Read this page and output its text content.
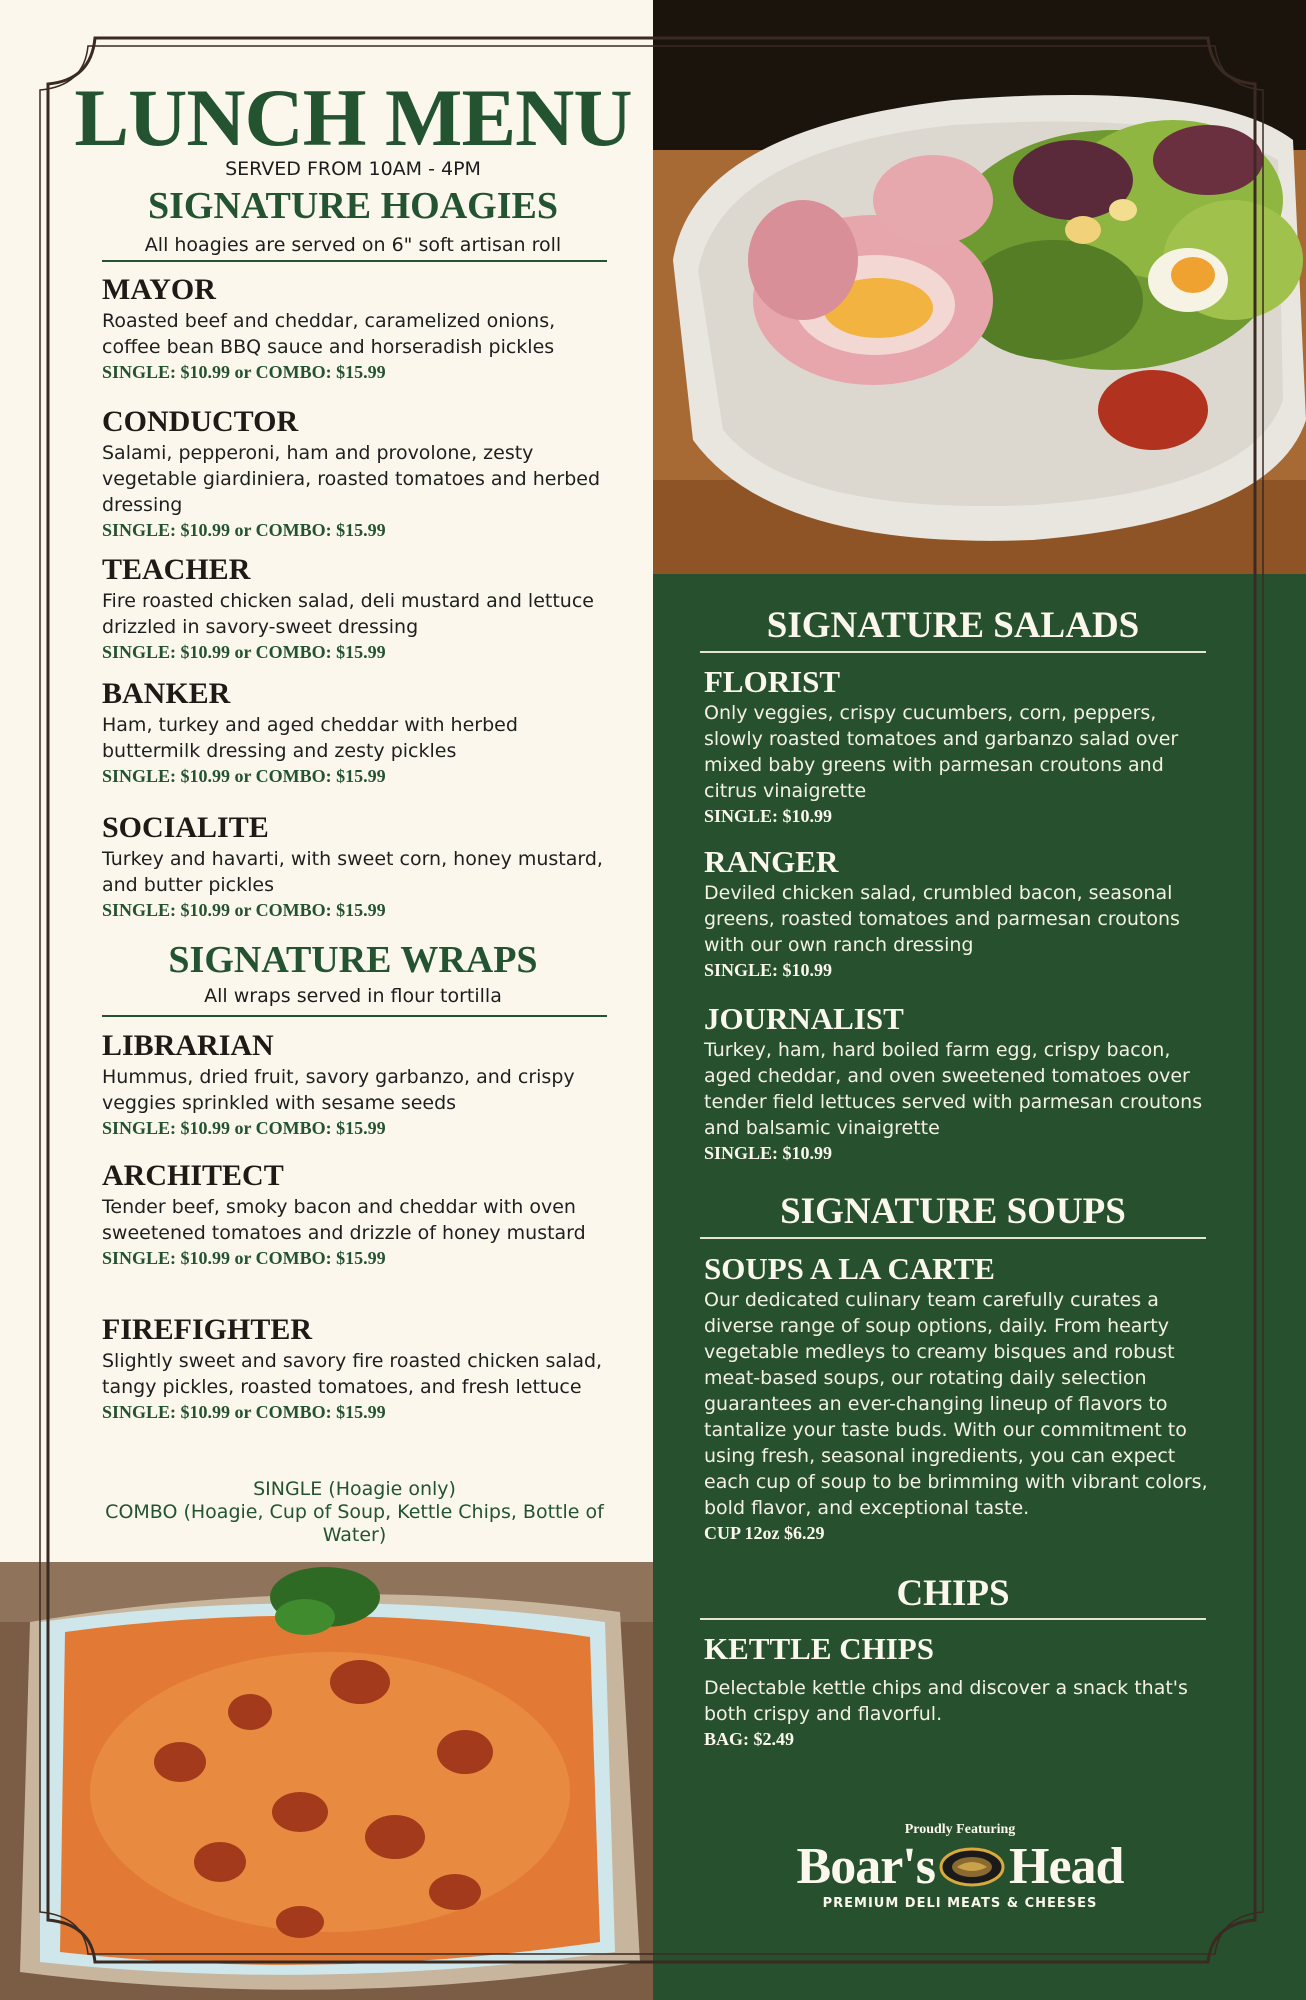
LUNCH MENU
SERVED FROM 10AM - 4PM
SIGNATURE HOAGIES
All hoagies are served on 6" soft artisan roll
MAYOR

Roasted beef and cheddar, caramelized onions, coffee bean BBQ sauce and horseradish pickles

SINGLE: $10.99 or COMBO: $15.99
CONDUCTOR

Salami, pepperoni, ham and provolone, zesty vegetable giardiniera, roasted tomatoes and herbed dressing

SINGLE: $10.99 or COMBO: $15.99
TEACHER

Fire roasted chicken salad, deli mustard and lettuce drizzled in savory-sweet dressing

SINGLE: $10.99 or COMBO: $15.99
BANKER

Ham, turkey and aged cheddar with herbed buttermilk dressing and zesty pickles

SINGLE: $10.99 or COMBO: $15.99
SOCIALITE

Turkey and havarti, with sweet corn, honey mustard, and butter pickles

SINGLE: $10.99 or COMBO: $15.99
SIGNATURE WRAPS
All wraps served in flour tortilla
LIBRARIAN

Hummus, dried fruit, savory garbanzo, and crispy veggies sprinkled with sesame seeds

SINGLE: $10.99 or COMBO: $15.99
ARCHITECT

Tender beef, smoky bacon and cheddar with oven sweetened tomatoes and drizzle of honey mustard

SINGLE: $10.99 or COMBO: $15.99
FIREFIGHTER

Slightly sweet and savory fire roasted chicken salad, tangy pickles, roasted tomatoes, and fresh lettuce

SINGLE: $10.99 or COMBO: $15.99
SINGLE (Hoagie only)
COMBO (Hoagie, Cup of Soup, Kettle Chips, Bottle of Water)
SIGNATURE SALADS
FLORIST

Only veggies, crispy cucumbers, corn, peppers, slowly roasted tomatoes and garbanzo salad over mixed baby greens with parmesan croutons and citrus vinaigrette

SINGLE: $10.99
RANGER

Deviled chicken salad, crumbled bacon, seasonal greens, roasted tomatoes and parmesan croutons with our own ranch dressing

SINGLE: $10.99
JOURNALIST

Turkey, ham, hard boiled farm egg, crispy bacon, aged cheddar, and oven sweetened tomatoes over tender field lettuces served with parmesan croutons and balsamic vinaigrette

SINGLE: $10.99
SIGNATURE SOUPS
SOUPS A LA CARTE

Our dedicated culinary team carefully curates a diverse range of soup options, daily. From hearty vegetable medleys to creamy bisques and robust meat-based soups, our rotating daily selection guarantees an ever-changing lineup of flavors to tantalize your taste buds. With our commitment to using fresh, seasonal ingredients, you can expect each cup of soup to be brimming with vibrant colors, bold flavor, and exceptional taste.

CUP 12oz $6.29
CHIPS
KETTLE CHIPS

Delectable kettle chips and discover a snack that's both crispy and flavorful.

BAG: $2.49
Proudly Featuring
Boar's Head
PREMIUM DELI MEATS & CHEESES
